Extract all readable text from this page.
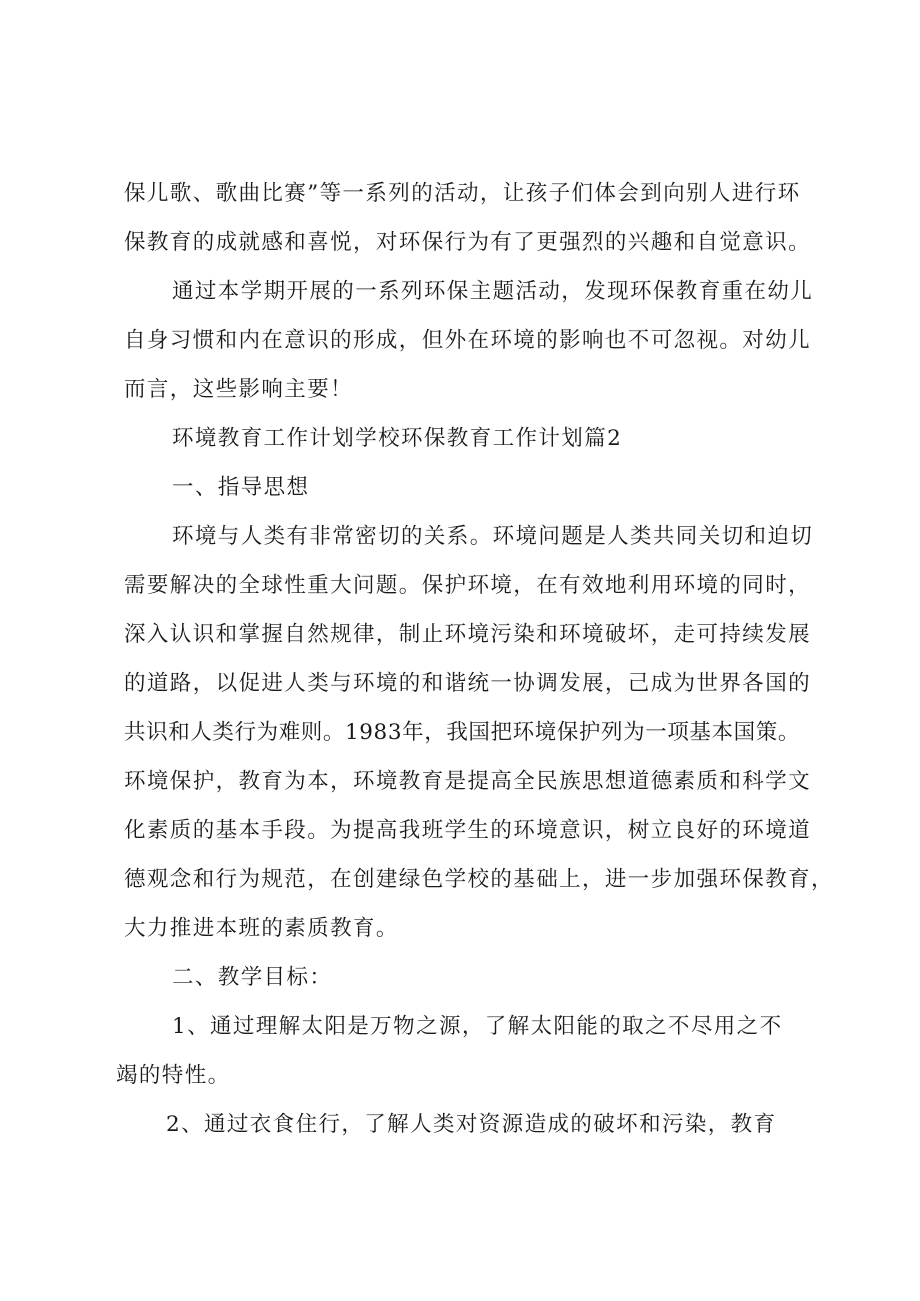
保儿歌、歌曲比赛”等一系列的活动，让孩子们体会到向别人进行环
保教育的成就感和喜悦，对环保行为有了更强烈的兴趣和自觉意识。
通过本学期开展的一系列环保主题活动，发现环保教育重在幼儿
自身习惯和内在意识的形成，但外在环境的影响也不可忽视。对幼儿
而言，这些影响主要！
环境教育工作计划学校环保教育工作计划篇2
一、指导思想
环境与人类有非常密切的关系。环境问题是人类共同关切和迫切
需要解决的全球性重大问题。保护环境，在有效地利用环境的同时，
深入认识和掌握自然规律，制止环境污染和环境破坏，走可持续发展
的道路，以促进人类与环境的和谐统一协调发展，己成为世界各国的
共识和人类行为难则。1983年，我国把环境保护列为一项基本国策。
环境保护，教育为本，环境教育是提高全民族思想道德素质和科学文
化素质的基本手段。为提高我班学生的环境意识，树立良好的环境道
德观念和行为规范，在创建绿色学校的基础上，进一步加强环保教育，
大力推进本班的素质教育。
二、教学目标：
1、通过理解太阳是万物之源，了解太阳能的取之不尽用之不
竭的特性。
2、通过衣食住行，了解人类对资源造成的破坏和污染，教育
